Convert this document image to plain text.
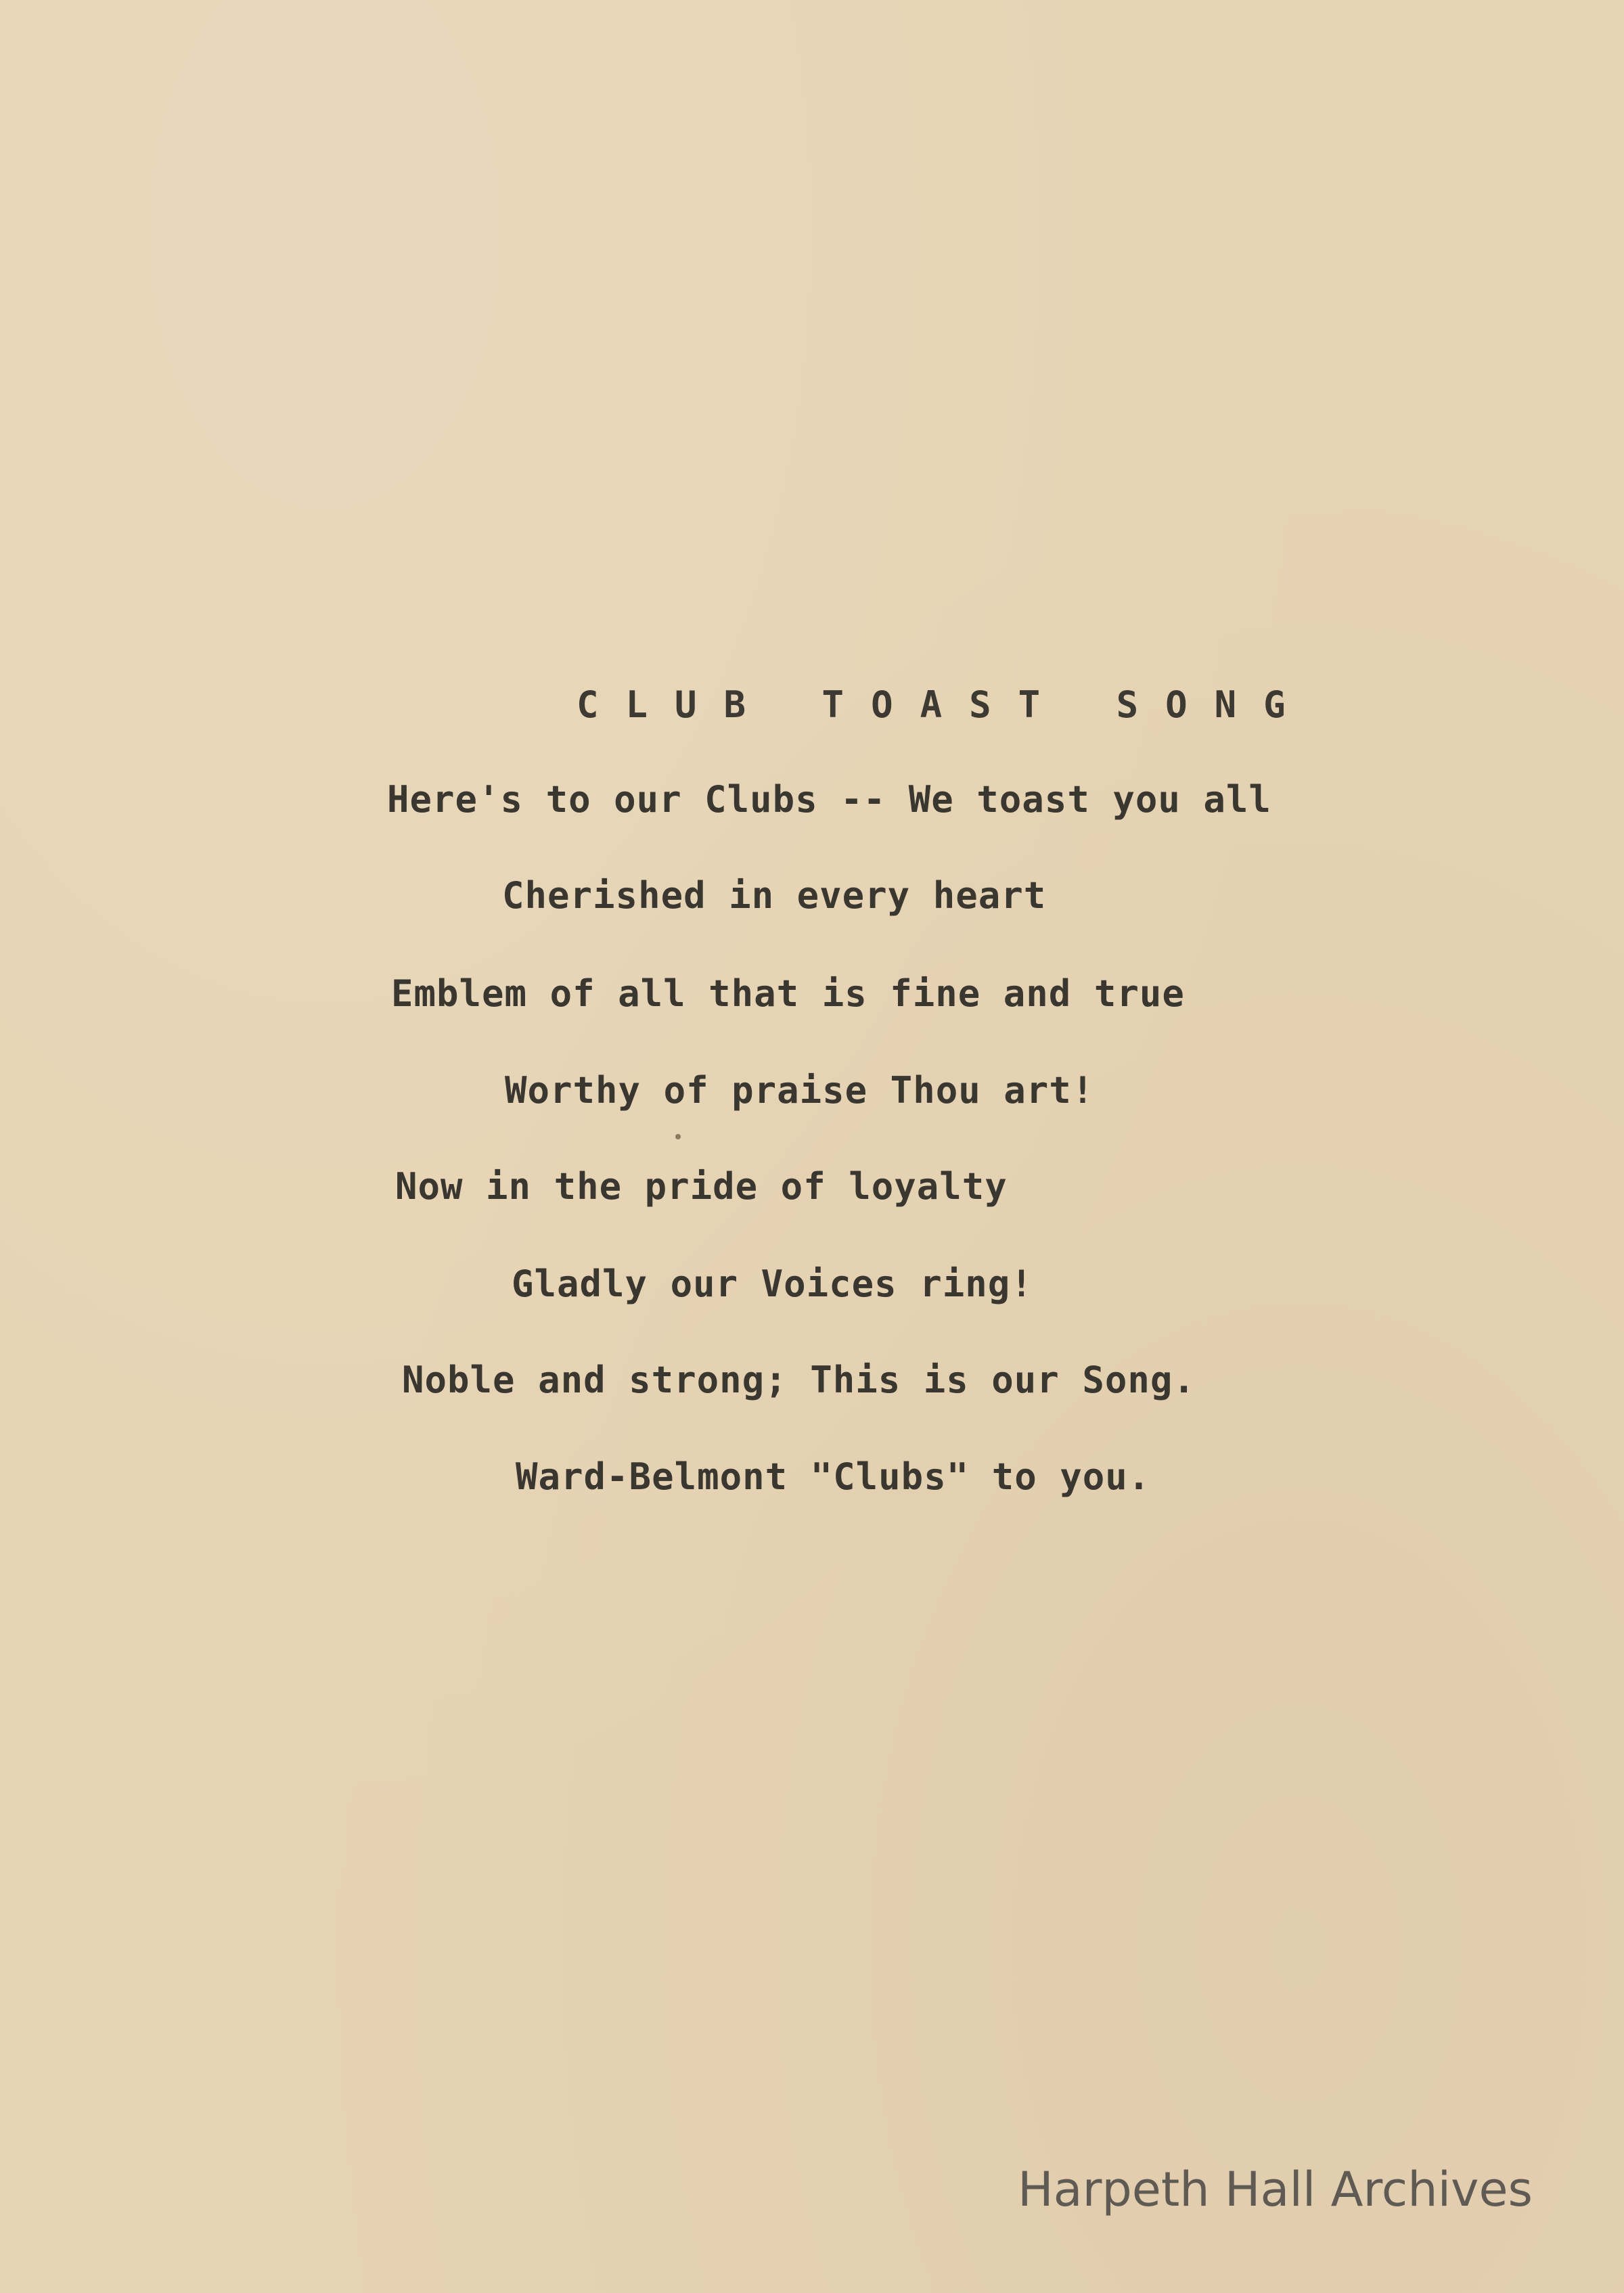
CLUB TOAST SONG
Here's to our Clubs -- We toast you all
Cherished in every heart
Emblem of all that is fine and true
Worthy of praise Thou art!
Now in the pride of loyalty
Gladly our Voices ring!
Noble and strong; This is our Song.
Ward-Belmont "Clubs" to you.
Harpeth Hall Archives
